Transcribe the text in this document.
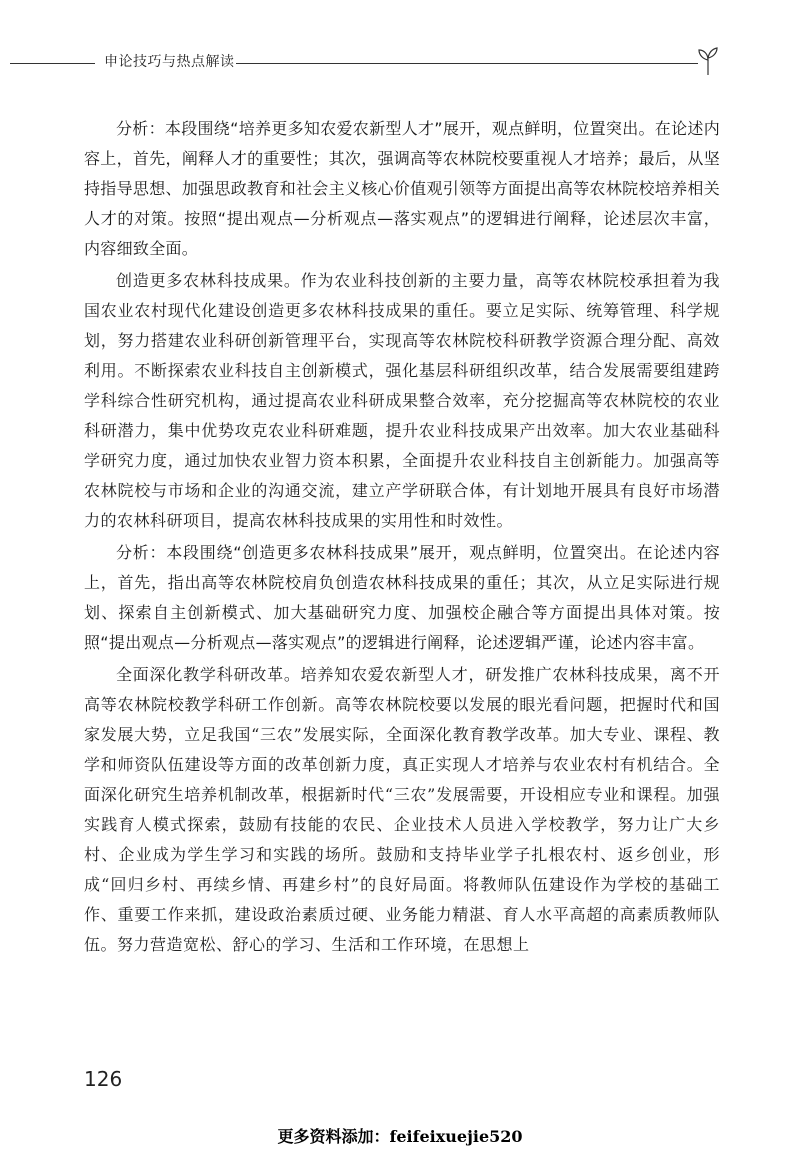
申论技巧与热点解读

分析：本段围绕“培养更多知农爱农新型人才”展开，观点鲜明，位置突出。在论述内容上，首先，阐释人才的重要性；其次，强调高等农林院校要重视人才培养；最后，从坚持指导思想、加强思政教育和社会主义核心价值观引领等方面提出高等农林院校培养相关人才的对策。按照“提出观点—分析观点—落实观点”的逻辑进行阐释，论述层次丰富，内容细致全面。

创造更多农林科技成果。作为农业科技创新的主要力量，高等农林院校承担着为我国农业农村现代化建设创造更多农林科技成果的重任。要立足实际、统筹管理、科学规划，努力搭建农业科研创新管理平台，实现高等农林院校科研教学资源合理分配、高效利用。不断探索农业科技自主创新模式，强化基层科研组织改革，结合发展需要组建跨学科综合性研究机构，通过提高农业科研成果整合效率，充分挖掘高等农林院校的农业科研潜力，集中优势攻克农业科研难题，提升农业科技成果产出效率。加大农业基础科学研究力度，通过加快农业智力资本积累，全面提升农业科技自主创新能力。加强高等农林院校与市场和企业的沟通交流，建立产学研联合体，有计划地开展具有良好市场潜力的农林科研项目，提高农林科技成果的实用性和时效性。

分析：本段围绕“创造更多农林科技成果”展开，观点鲜明，位置突出。在论述内容上，首先，指出高等农林院校肩负创造农林科技成果的重任；其次，从立足实际进行规划、探索自主创新模式、加大基础研究力度、加强校企融合等方面提出具体对策。按照“提出观点—分析观点—落实观点”的逻辑进行阐释，论述逻辑严谨，论述内容丰富。

全面深化教学科研改革。培养知农爱农新型人才，研发推广农林科技成果，离不开高等农林院校教学科研工作创新。高等农林院校要以发展的眼光看问题，把握时代和国家发展大势，立足我国“三农”发展实际，全面深化教育教学改革。加大专业、课程、教学和师资队伍建设等方面的改革创新力度，真正实现人才培养与农业农村有机结合。全面深化研究生培养机制改革，根据新时代“三农”发展需要，开设相应专业和课程。加强实践育人模式探索，鼓励有技能的农民、企业技术人员进入学校教学，努力让广大乡村、企业成为学生学习和实践的场所。鼓励和支持毕业学子扎根农村、返乡创业，形成“回归乡村、再续乡情、再建乡村”的良好局面。将教师队伍建设作为学校的基础工作、重要工作来抓，建设政治素质过硬、业务能力精湛、育人水平高超的高素质教师队伍。努力营造宽松、舒心的学习、生活和工作环境，在思想上

126
更多资料添加：feifeixuejie520
